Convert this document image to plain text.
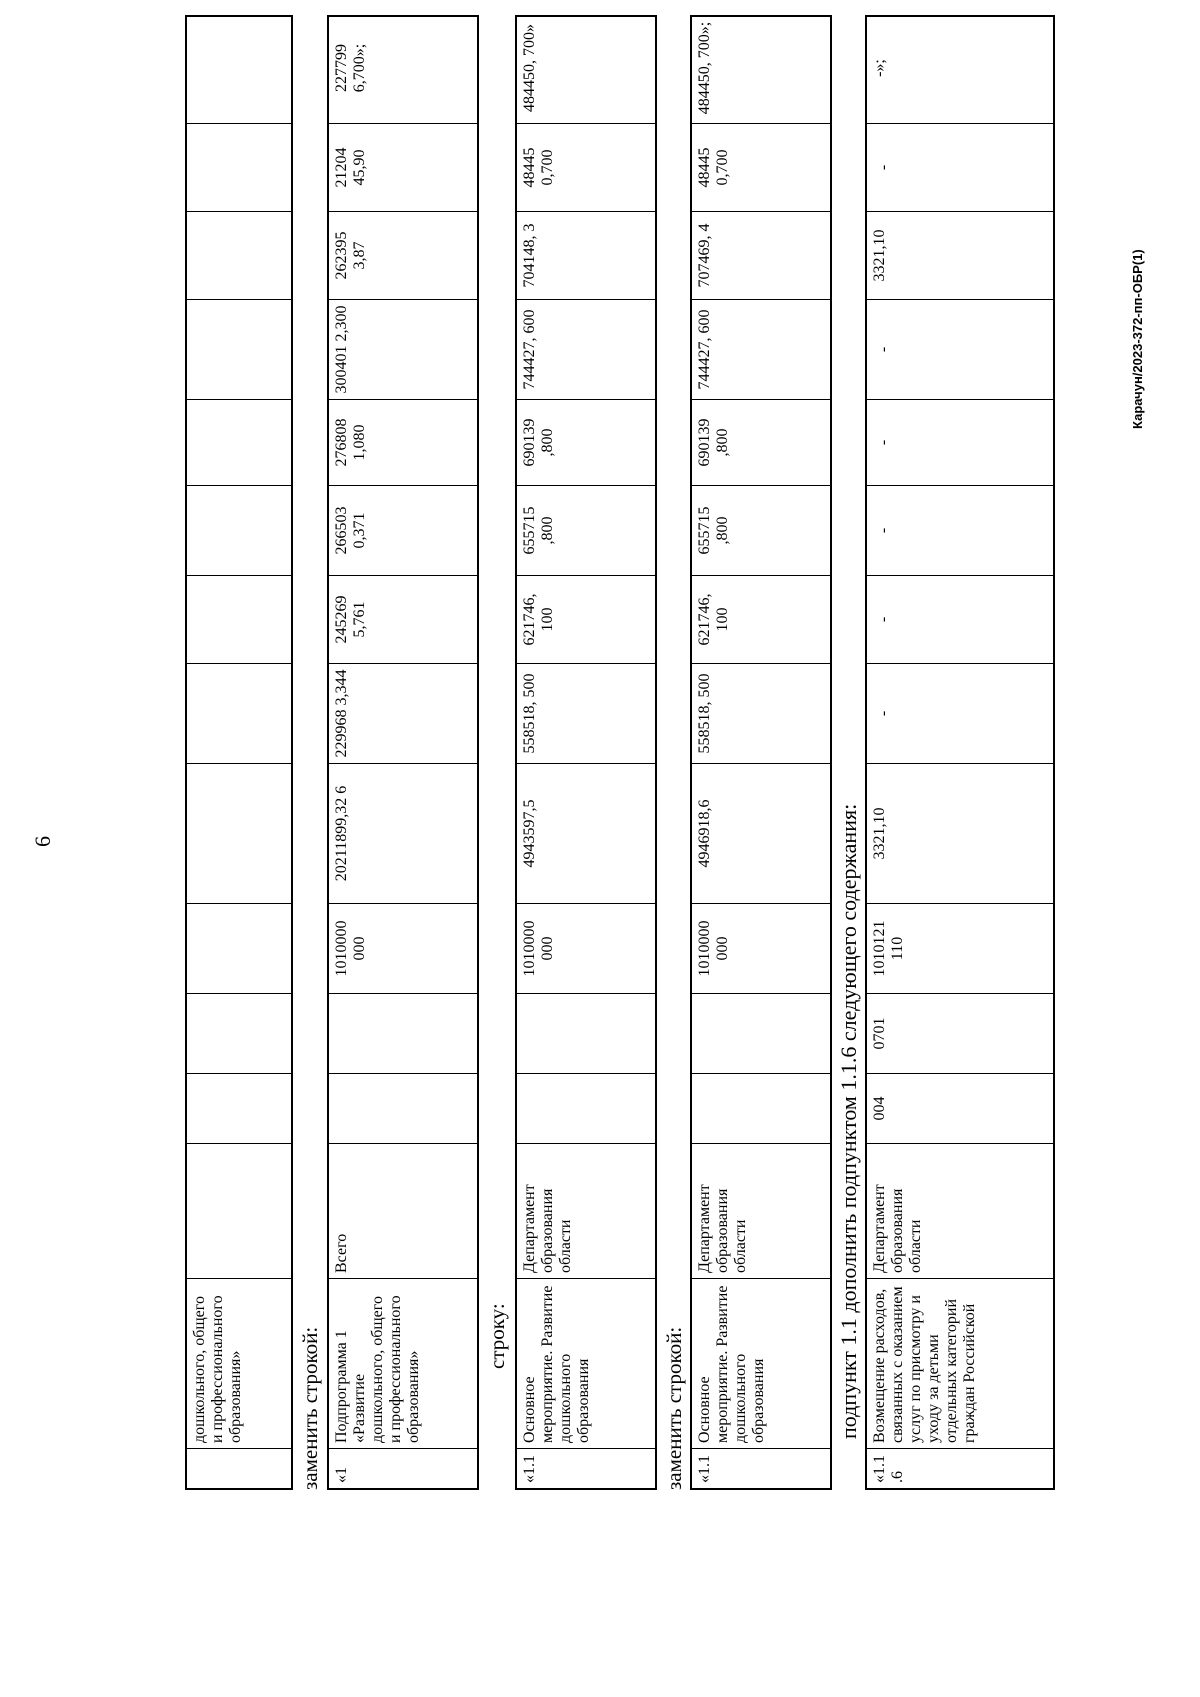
6
дошкольного, общего и профессионального образования»	заменить строкой: «1
Подпрограмма 1 «Развитие дошкольного, общего и профессионального образования»
Всего
1010000 000
20211899,32 6
229968 3,344
245269 5,761
266503 0,371
276808 1,080
300401 2,300
262395 3,87
21204 45,90
227799 6,700»;
строку:
«1.1
Основное мероприятие. Развитие дошкольного образования
Департамент образования области
1010000 000
4943597,5
558518, 500
621746, 100
655715 ,800
690139 ,800
744427, 600
704148, 3
48445 0,700
484450, 700»
заменить строкой: «1.1
Основное мероприятие. Развитие дошкольного образования
Департамент образования области
1010000 000
4946918,6
558518, 500
621746, 100
655715 ,800
690139 ,800
744427, 600
707469, 4
48445 0,700
484450, 700»;
подпункт 1.1 дополнить подпунктом 1.1.6 следующего содержания:
«1.1.6
Возмещение расходов, связанных с оказанием услуг по присмотру и уходу за детьми отдельных категорий граждан Российской
Департамент образования области
004
0701
1010121 110
3321,10
-
-
-
-
-
3321,10
-
-»;
Карачун/2023-372-пп-ОБР(1)
